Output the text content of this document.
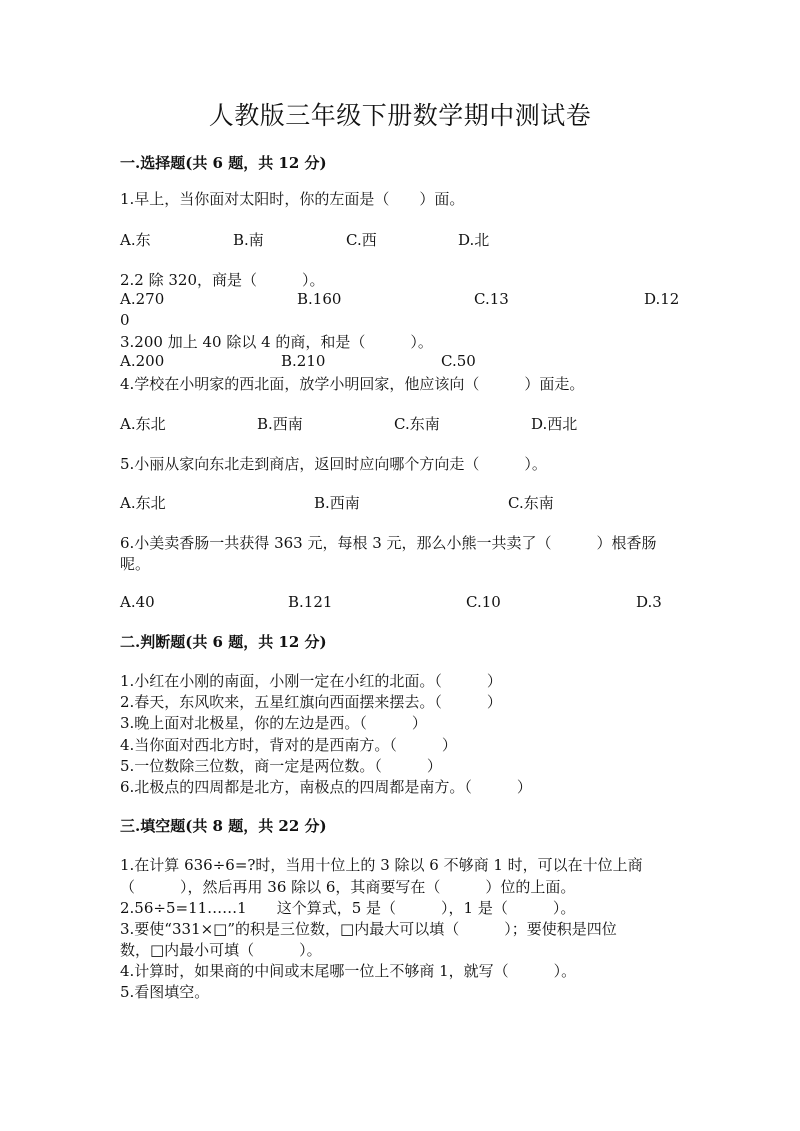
人教版三年级下册数学期中测试卷
一.选择题(共 6 题，共 12 分)
1.早上，当你面对太阳时，你的左面是（　　）面。
A.东	B.南	C.西	D.北
2.2 除 320，商是（　　　）。
A.270	B.160	C.13	D.12
0
3.200 加上 40 除以 4 的商，和是（　　　）。
A.200	B.210	C.50
4.学校在小明家的西北面，放学小明回家，他应该向（　　　）面走。
A.东北	B.西南	C.东南	D.西北
5.小丽从家向东北走到商店，返回时应向哪个方向走（　　　）。
A.东北	B.西南	C.东南
6.小美卖香肠一共获得 363 元，每根 3 元，那么小熊一共卖了（　　　）根香肠
呢。
A.40	B.121	C.10	D.3
二.判断题(共 6 题，共 12 分)
1.小红在小刚的南面，小刚一定在小红的北面。（　　　）
2.春天，东风吹来，五星红旗向西面摆来摆去。（　　　）
3.晚上面对北极星，你的左边是西。（　　　）
4.当你面对西北方时，背对的是西南方。（　　　）
5.一位数除三位数，商一定是两位数。（　　　）
6.北极点的四周都是北方，南极点的四周都是南方。（　　　）
三.填空题(共 8 题，共 22 分)
1.在计算 636÷6=?时，当用十位上的 3 除以 6 不够商 1 时，可以在十位上商
（　　　），然后再用 36 除以 6，其商要写在（　　　）位的上面。
2.56÷5=11……1　　这个算式，5 是（　　　），1 是（　　　）。
3.要使“331×□”的积是三位数，□内最大可以填（　　　）；要使积是四位
数，□内最小可填（　　　）。
4.计算时，如果商的中间或末尾哪一位上不够商 1，就写（　　　）。
5.看图填空。
